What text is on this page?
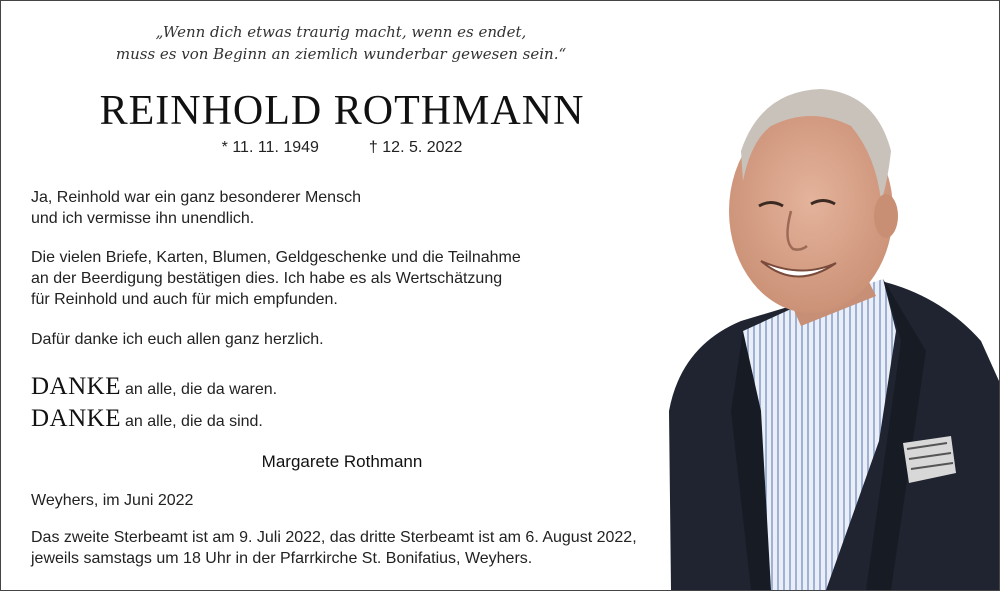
„Wenn dich etwas traurig macht, wenn es endet,
muss es von Beginn an ziemlich wunderbar gewesen sein.“
REINHOLD ROTHMANN
* 11. 11. 1949	† 12. 5. 2022
Ja, Reinhold war ein ganz besonderer Mensch
und ich vermisse ihn unendlich.
Die vielen Briefe, Karten, Blumen, Geldgeschenke und die Teilnahme
an der Beerdigung bestätigen dies. Ich habe es als Wertschätzung
für Reinhold und auch für mich empfunden.
Dafür danke ich euch allen ganz herzlich.
DANKE an alle, die da waren.
DANKE an alle, die da sind.
Margarete Rothmann
Weyhers, im Juni 2022
Das zweite Sterbeamt ist am 9. Juli 2022, das dritte Sterbeamt ist am 6. August 2022,
jeweils samstags um 18 Uhr in der Pfarrkirche St. Bonifatius, Weyhers.
